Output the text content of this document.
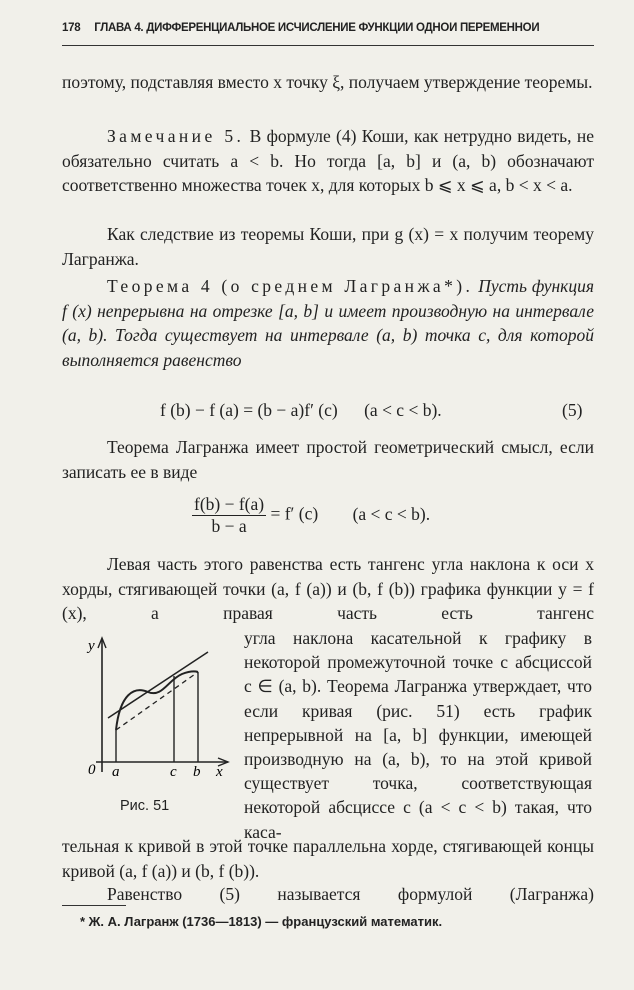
178 ГЛАВА 4. ДИФФЕРЕНЦИАЛЬНОЕ ИСЧИСЛЕНИЕ ФУНКЦИЙ ОДНОЙ ПЕРЕМЕННОЙ
поэтому, подставляя вместо x точку ξ, получаем утверждение теоремы.
Замечание 5. В формуле (4) Коши, как нетрудно видеть, не обязательно считать a < b. Но тогда [a, b] и (a, b) обозначают соответственно множества точек x, для которых b ⩽ x ⩽ a, b < x < a.
Как следствие из теоремы Коши, при g (x) = x получим теорему Лагранжа.
Теорема 4 (о среднем Лагранжа*). Пусть функция f (x) непрерывна на отрезке [a, b] и имеет производную на интервале (a, b). Тогда существует на интервале (a, b) точка c, для которой выполняется равенство
f (b) − f (a) = (b − a)f′ (c) (a < c < b).	(5)
Теорема Лагранжа имеет простой геометрический смысл, если записать ее в виде
$\frac{f(b) - f(a)}{b - a} = f'$ (c) (a < c < b).
Левая часть этого равенства есть тангенс угла наклона к оси x хорды, стягивающей точки (a, f (a)) и (b, f (b)) графика функции y = f (x), а правая часть есть тангенс
угла наклона касательной к графику в некоторой промежуточной точке с абсциссой c ∈ (a, b). Теорема Лагранжа утверждает, что если кривая (рис. 51) есть график непрерывной на [a, b] функции, имеющей производную на (a, b), то на этой кривой существует точка, соответствующая некоторой абсциссе c (a < c < b) такая, что каса-
тельная к кривой в этой точке параллельна хорде, стягивающей концы кривой (a, f (a)) и (b, f (b)).
Равенство (5) называется формулой (Лагранжа)
y
0 a	c b x
Рис. 51
* Ж. А. Лагранж (1736—1813) — французский математик.
